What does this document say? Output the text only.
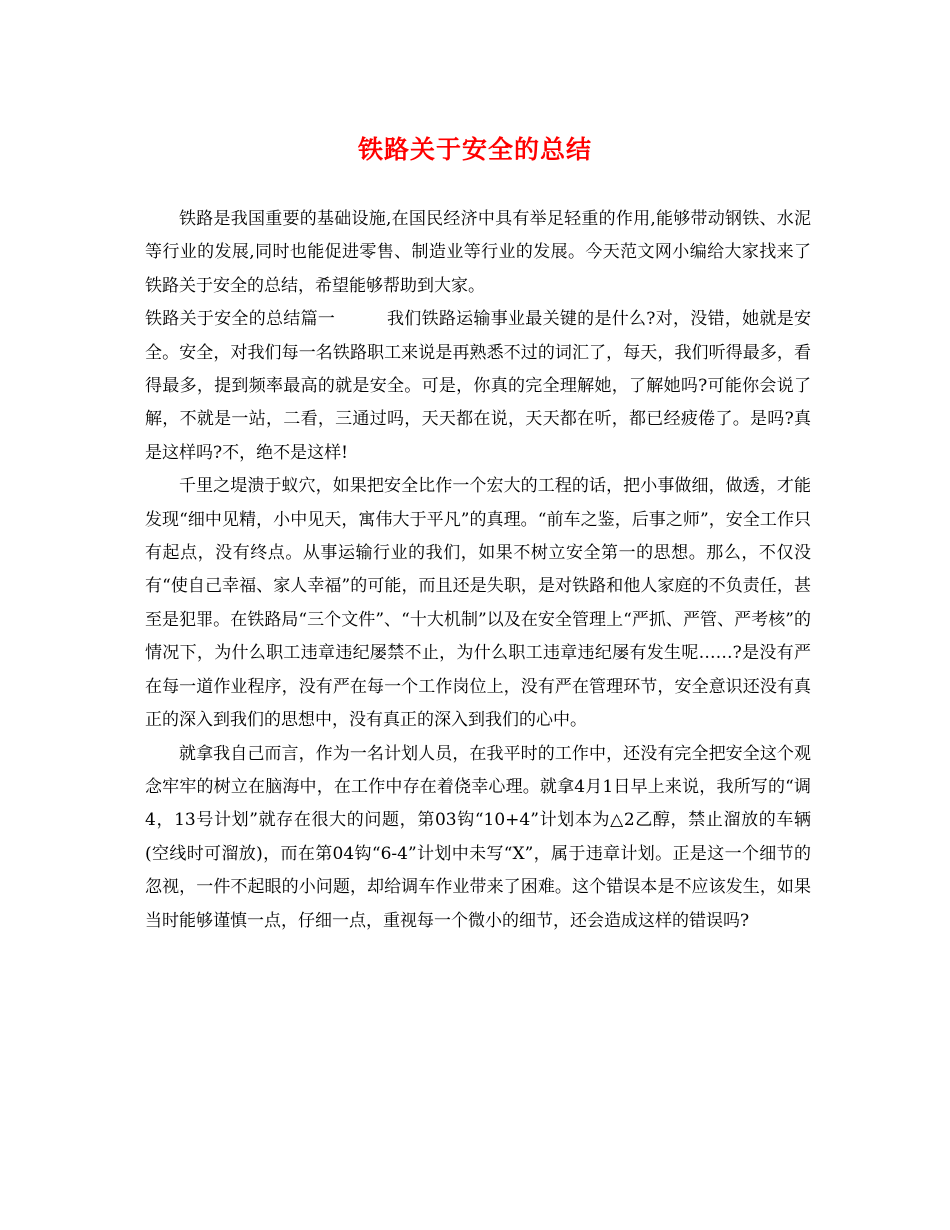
铁路关于安全的总结

铁路是我国重要的基础设施,在国民经济中具有举足轻重的作用,能够带动钢铁、水泥等行业的发展,同时也能促进零售、制造业等行业的发展。今天范文网小编给大家找来了铁路关于安全的总结，希望能够帮助到大家。

铁路关于安全的总结篇一　　　我们铁路运输事业最关键的是什么?对，没错，她就是安全。安全，对我们每一名铁路职工来说是再熟悉不过的词汇了，每天，我们听得最多，看得最多，提到频率最高的就是安全。可是，你真的完全理解她，了解她吗?可能你会说了解，不就是一站，二看，三通过吗，天天都在说，天天都在听，都已经疲倦了。是吗?真是这样吗?不，绝不是这样!

千里之堤溃于蚁穴，如果把安全比作一个宏大的工程的话，把小事做细，做透，才能发现“细中见精，小中见天，寓伟大于平凡”的真理。“前车之鉴，后事之师”，安全工作只有起点，没有终点。从事运输行业的我们，如果不树立安全第一的思想。那么，不仅没有“使自己幸福、家人幸福”的可能，而且还是失职，是对铁路和他人家庭的不负责任，甚至是犯罪。在铁路局“三个文件”、“十大机制”以及在安全管理上“严抓、严管、严考核”的情况下，为什么职工违章违纪屡禁不止，为什么职工违章违纪屡有发生呢……?是没有严在每一道作业程序，没有严在每一个工作岗位上，没有严在管理环节，安全意识还没有真正的深入到我们的思想中，没有真正的深入到我们的心中。

就拿我自己而言，作为一名计划人员，在我平时的工作中，还没有完全把安全这个观念牢牢的树立在脑海中，在工作中存在着侥幸心理。就拿4月1日早上来说，我所写的“调4，13号计划”就存在很大的问题，第03钩“10+4”计划本为△2乙醇，禁止溜放的车辆(空线时可溜放)，而在第04钩“6-4”计划中未写“X”，属于违章计划。正是这一个细节的忽视，一件不起眼的小问题，却给调车作业带来了困难。这个错误本是不应该发生，如果当时能够谨慎一点，仔细一点，重视每一个微小的细节，还会造成这样的错误吗?
